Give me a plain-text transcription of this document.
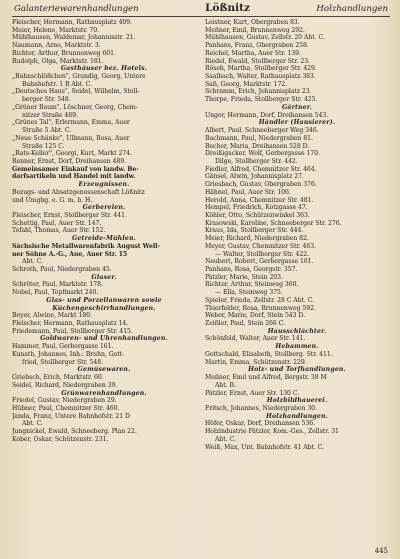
Galanteriewarenhandlungen	Lößnitz	Holzhandlungen
Fleischer, Hermann, Rathausplatz 409.
Meier, Helene, Marktstr. 70.
Mühlhausen, Waldemar, Johannisstr. 21.
Naumann, Arno, Marktstr. 3.
Richter, Arthur, Brunnenweg 601.
Rudolph, Olga, Marktstr. 181.
Gasthäuser bez. Hotels.
„Bahnschlößchen", Grundig, Georg, Untere
Bahnhofstr. 1 B Abt. C.
„Deutsches Haus", Seidel, Wilhelm, Stoll-
berger Str. 548.
„Grüner Baum", Löschner, Georg, Chem-
nitzer Straße 489.
„Grünes Tal", Erlermann, Emma, Auer
Straße 5 Abt. C.
„Neue Schänke", Ullmann, Rosa, Auer
Straße 125 C.
„Rats-Keller", Georgi, Kurt, Markt 274.
Renner, Ernst, Dorf, Dreihansen 489.
Gemeinsamer Einkauf von landw. Be-
darfsartikeln und Handel mit landw.
Erzeugnissen.
Bezugs- und Absatzgenossenschaft Lößnitz
und Umgbg. e. G. m. b. H.
Gerbereien.
Fleischer, Ernst, Stollberger Str. 441.
Schettig, Paul, Auer Str. 147.
Tofahl, Thomas, Auer Str. 152.
Getreide-Mühlen.
Sächsische Metallwarenfabrik August Well-
ner Söhne A.-G., Aue, Auer Str. 15
Abt. C.
Schroth, Paul, Niedergraben 45.
Glaser.
Schröter, Paul, Marktstr. 178.
Nobel, Paul, Topfmarkt 240.
Glas- und Porzellanwaren sowie
Küchengeschirrhandlungen.
Beyer, Alwine, Markt 180.
Fleischer, Hermann, Rathausplatz 14.
Friedemann, Paul, Stollberger Str. 415.
Goldwaren- und Uhrenhandlungen.
Hammer, Paul, Gerbergasse 161.
Kunath, Johannes, Inh.: Bruhn, Gott-
fried, Stollberger Str. 548.
Gemüsewaren.
Griebsch, Erich, Marktstr. 60.
Seidel, Richard, Niedergraben 39.
Grünwarenhandlungen.
Friedel, Gustav, Niedergraben 29.
Hübner, Paul, Chemnitzer Str. 460.
Janda, Franz, Untere Bahnhofstr. 21 D
Abt. C.
Jungnickel, Ewald, Schneeberg. Plan 22.
Kober, Oskar, Schützenstr. 231.
Leistner, Kurt, Obergraben 83.
Meßner, Emil, Brunnenweg 292.
Mühlhausen, Gustav, Zellstr. 20 Abt. C.
Panhans, Franz, Obergraben 258.
Reichel, Martha, Auer Str. 139.
Riedel, Ewald, Stollberger Str. 23.
Röseh, Martha, Stollberger Str. 429.
Saalbach, Walter, Rathausplatz 383.
Saß, Georg, Marktstr. 172.
Schramm, Erich, Johannisplatz 23.
Thorpe, Frieda, Stollberger Str. 425.
Gärtner.
Unger, Hermann, Dorf, Dreihansen 543.
Händler (Hausierer).
Albert, Paul, Schneeberger Weg 346.
Bachmann, Paul, Niedergraben 81.
Becher, Maria, Dreihansen 528 D.
Dreißigacker, Wolf, Gerbergasse 170.
Dilge, Stollberger Str. 442.
Fiedler, Alfred, Chemnitzer Str. 464.
Gänsel, Alwin, Johannisplatz 27.
Griesbach, Gustav, Obergraben 376.
Hähnel, Paul, Auer Str. 106.
Herold, Anna, Chemnitzer Str. 481.
Hempel, Friedrich, Kotzgasse 47.
Köhler, Otto, Schützenwinkel 363.
Krasowski, Karoline, Schneeberger Str. 276.
Kraus, Ida, Stollberger Str. 444.
Meier, Richard, Niedergraben 82.
Meyer, Gustav, Chemnitzer Str. 463.
— Walter, Stollberger Str. 422.
Neubert, Robert, Gerbergasse 161.
Panhans, Rosa, Georgstr. 357.
Pätzler, Marie, Stein 203.
Richter, Arthur, Steinweg 360.
— Ella, Steinweg 375.
Spieler, Frieda, Zellstr. 28 C Abt. C.
Thierfelder, Rosa, Brunnenweg 592.
Weber, Marie, Dorf, Stein 543 D.
Zeißler, Paul, Stein 266 C.
Hausschlächter.
Schönfeld, Walter, Auer Str. 141.
Hebammen.
Gottschald, Elisabeth, Stollberg. Str. 411.
Martin, Emma, Schützenstr. 229.
Holz- und Torfhandlungen.
Meßner, Emil und Alfred, Bergstr. 38 M
Abt. B.
Pätzler, Ernst, Auer Str. 130 C.
Holzbildhauerei.
Fritsch, Johannes, Niedergraben 30.
Holzhandlungen.
Höfer, Oskar, Dorf, Dreihansen 536.
Holzindustrie Pätzler, Kom.-Ges., Zellstr. 31
Abt. C.
Weiß, Max, Unt. Bahnhofstr. 41 Abt. C.
445
